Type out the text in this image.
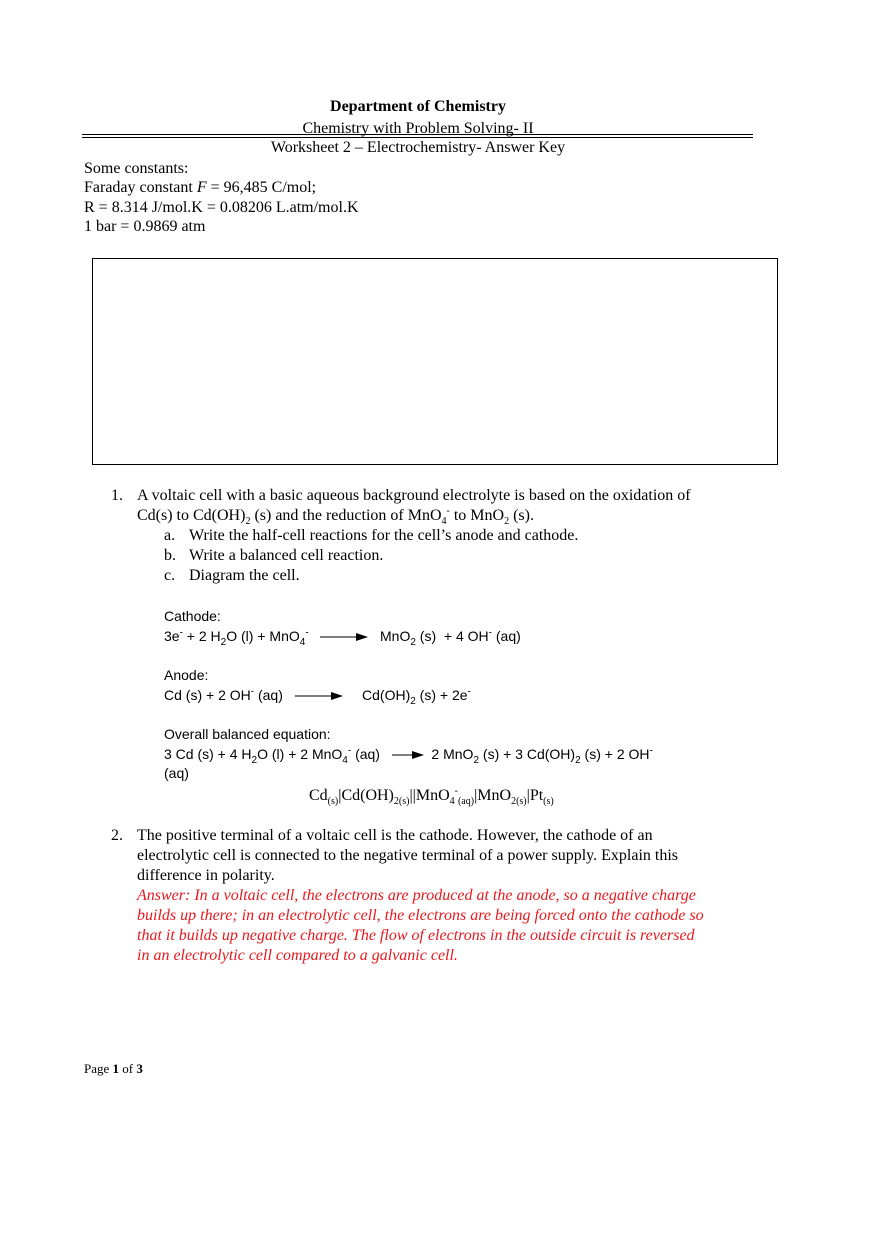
Department of Chemistry
Chemistry with Problem Solving- II
Worksheet 2 – Electrochemistry- Answer Key
Some constants:
Faraday constant F = 96,485 C/mol;
R = 8.314 J/mol.K = 0.08206 L.atm/mol.K
1 bar = 0.9869 atm
1. A voltaic cell with a basic aqueous background electrolyte is based on the oxidation of
Cd(s) to $Cd(OH)_2$ (s) and the reduction of MnO$_4$- to MnO$_2$ (s).
a. Write the half-cell reactions for the cell’s anode and cathode.
b. Write a balanced cell reaction.
c. Diagram the cell.
Cathode:
3e- + 2 $H_2O$ (l) + MnO$_4$- → MnO$_2$ (s)  + 4 OH- (aq)
Anode:
Cd (s) + 2 OH- $(aq) \to Cd(OH)_2$ (s) + 2e-
Overall balanced equation:
3 Cd (s) + 4 $H_2O$ (l) + 2 MnO$_4$- (aq) → 2 MnO$_2$ (s) + 3 $Cd(OH)_2$ (s) + 2 OH-
(aq)
$Cd_{(s)}|Cd(OH)_{2(s)}||MnO_4^-_{(aq)}|MnO_{2(s)}|Pt_{(s)}$
2. The positive terminal of a voltaic cell is the cathode. However, the cathode of an
electrolytic cell is connected to the negative terminal of a power supply. Explain this
difference in polarity.
Answer: In a voltaic cell, the electrons are produced at the anode, so a negative charge
builds up there; in an electrolytic cell, the electrons are being forced onto the cathode so
that it builds up negative charge. The flow of electrons in the outside circuit is reversed
in an electrolytic cell compared to a galvanic cell.
Page 1 of 3
